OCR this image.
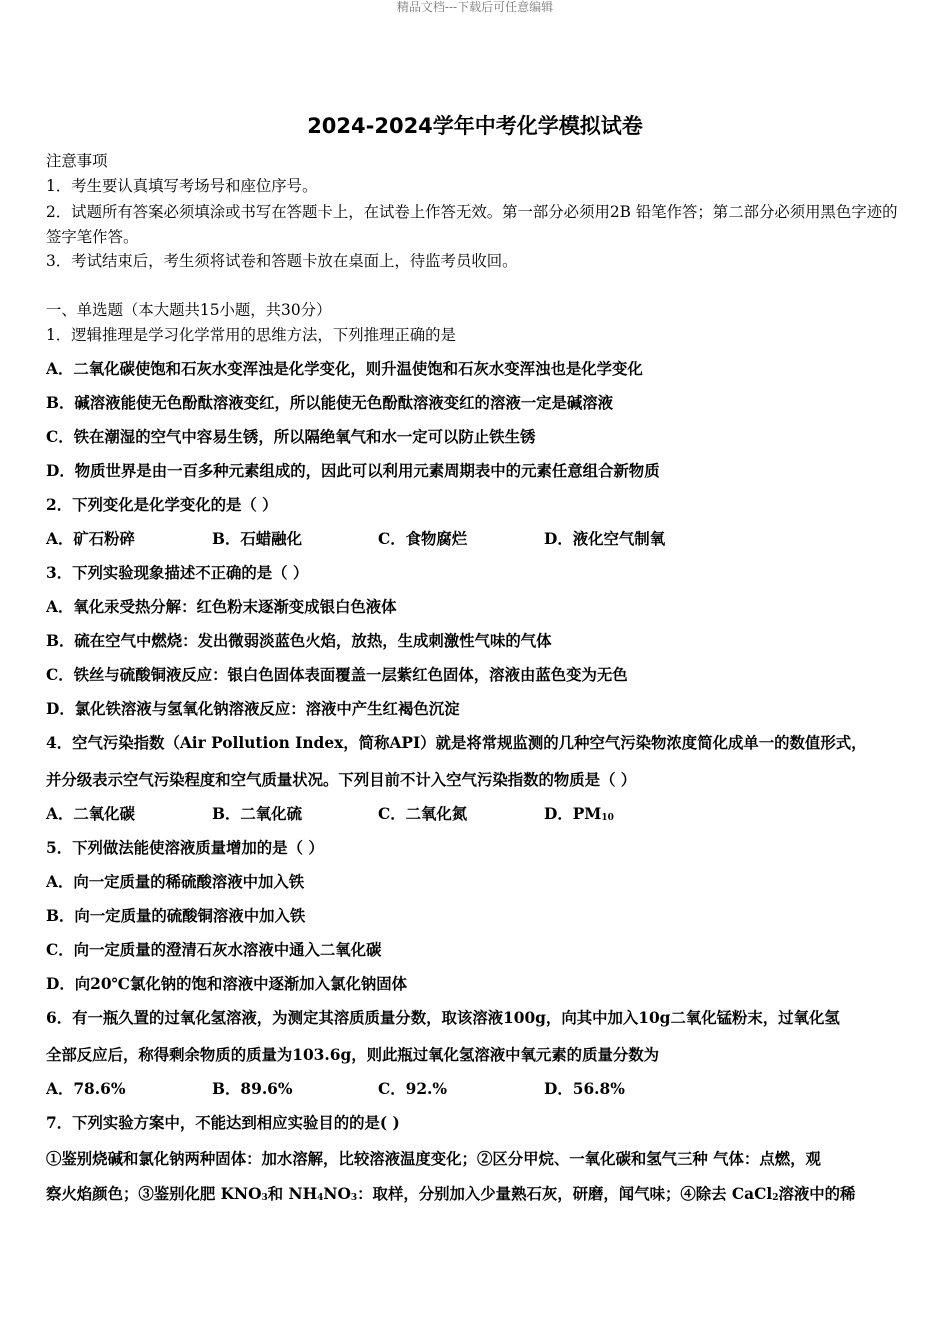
精品文档---下载后可任意编辑
2024-2024学年中考化学模拟试卷
注意事项
1．考生要认真填写考场号和座位序号。
2．试题所有答案必须填涂或书写在答题卡上，在试卷上作答无效。第一部分必须用2B 铅笔作答；第二部分必须用黑色字迹的签字笔作答。
3．考试结束后，考生须将试卷和答题卡放在桌面上，待监考员收回。
一、单选题（本大题共15小题，共30分）
1．逻辑推理是学习化学常用的思维方法，下列推理正确的是
A．二氧化碳使饱和石灰水变浑浊是化学变化，则升温使饱和石灰水变浑浊也是化学变化
B．碱溶液能使无色酚酞溶液变红，所以能使无色酚酞溶液变红的溶液一定是碱溶液
C．铁在潮湿的空气中容易生锈，所以隔绝氧气和水一定可以防止铁生锈
D．物质世界是由一百多种元素组成的，因此可以利用元素周期表中的元素任意组合新物质
2．下列变化是化学变化的是（ ）
A．矿石粉碎	B．石蜡融化	C．食物腐烂	D．液化空气制氧
3．下列实验现象描述不正确的是（ ）
A．氧化汞受热分解：红色粉末逐渐变成银白色液体
B．硫在空气中燃烧：发出微弱淡蓝色火焰，放热，生成刺激性气味的气体
C．铁丝与硫酸铜液反应：银白色固体表面覆盖一层紫红色固体，溶液由蓝色变为无色
D．氯化铁溶液与氢氧化钠溶液反应：溶液中产生红褐色沉淀
4．空气污染指数（Air Pollution Index，简称API）就是将常规监测的几种空气污染物浓度简化成单一的数值形式，
并分级表示空气污染程度和空气质量状况。下列目前不计入空气污染指数的物质是（ ）
A．二氧化碳	B．二氧化硫	C．二氧化氮	D．$PM_{10}$
5．下列做法能使溶液质量增加的是（ ）
A．向一定质量的稀硫酸溶液中加入铁
B．向一定质量的硫酸铜溶液中加入铁
C．向一定质量的澄清石灰水溶液中通入二氧化碳
D．向20℃氯化钠的饱和溶液中逐渐加入氯化钠固体
6．有一瓶久置的过氧化氢溶液，为测定其溶质质量分数，取该溶液100g，向其中加入10g二氧化锰粉末，过氧化氢
全部反应后，称得剩余物质的质量为103.6g，则此瓶过氧化氢溶液中氧元素的质量分数为
A．78.6%	B．89.6%	C．92.%	D．56.8%
7．下列实验方案中，不能达到相应实验目的的是( )
①鉴别烧碱和氯化钠两种固体：加水溶解，比较溶液温度变化；②区分甲烷、一氧化碳和氢气三种 气体：点燃，观
察火焰颜色；③鉴别化肥 $KNO_3$和 $NH_4NO_3$：取样，分别加入少量熟石灰，研磨，闻气味；④除去 CaCl$_2$溶液中的稀
